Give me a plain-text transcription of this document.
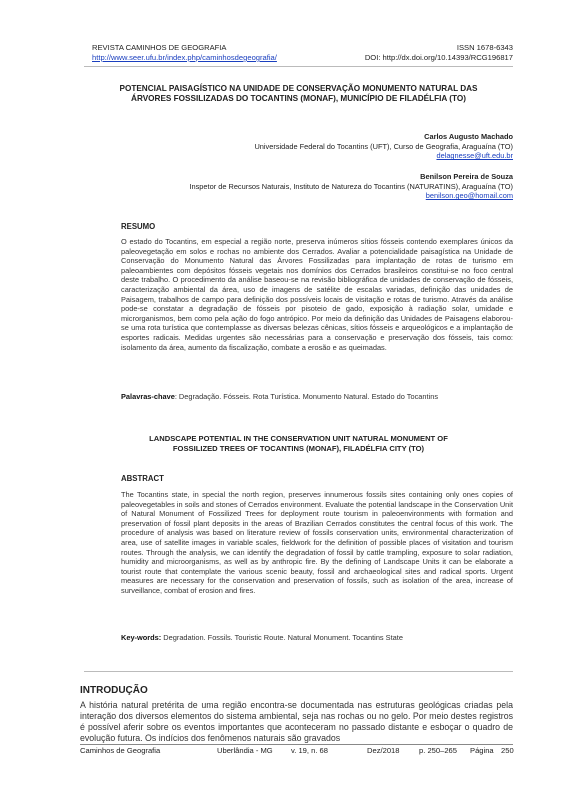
REVISTA CAMINHOS DE GEOGRAFIA	ISSN 1678-6343
http://www.seer.ufu.br/index.php/caminhosdegeografia/	DOI: http://dx.doi.org/10.14393/RCG196817
POTENCIAL PAISAGÍSTICO NA UNIDADE DE CONSERVAÇÃO MONUMENTO NATURAL DAS
ÁRVORES FOSSILIZADAS DO TOCANTINS (MONAF), MUNICÍPIO DE FILADÉLFIA (TO)
Carlos Augusto Machado
Universidade Federal do Tocantins (UFT), Curso de Geografia, Araguaína (TO)
delagnesse@uft.edu.br
Benilson Pereira de Souza
Inspetor de Recursos Naturais, Instituto de Natureza do Tocantins (NATURATINS), Araguaína (TO)
benilson.geo@homail.com
RESUMO
O estado do Tocantins, em especial a região norte, preserva inúmeros sítios fósseis contendo exemplares únicos da paleovegetação em solos e rochas no ambiente dos Cerrados. Avaliar a potencialidade paisagística na Unidade de Conservação do Monumento Natural das Árvores Fossilizadas para implantação de rotas de turismo em paleoambientes com depósitos fósseis vegetais nos domínios dos Cerrados brasileiros constitui-se no foco central deste trabalho. O procedimento da análise baseou-se na revisão bibliográfica de unidades de conservação de fósseis, caracterização ambiental da área, uso de imagens de satélite de escalas variadas, definição das unidades de Paisagem, trabalhos de campo para definição dos possíveis locais de visitação e rotas de turismo. Através da análise pode-se constatar a degradação de fósseis por pisoteio de gado, exposição à radiação solar, umidade e microrganismos, bem como pela ação do fogo antrópico. Por meio da definição das Unidades de Paisagens elaborou-se uma rota turística que contemplasse as diversas belezas cênicas, sítios fósseis e arqueológicos e a implantação de esportes radicais. Medidas urgentes são necessárias para a conservação e preservação dos fósseis, tais como: isolamento da área, aumento da fiscalização, combate a erosão e as queimadas.
Palavras-chave: Degradação. Fósseis. Rota Turística. Monumento Natural. Estado do Tocantins
LANDSCAPE POTENTIAL IN THE CONSERVATION UNIT NATURAL MONUMENT OF
FOSSILIZED TREES OF TOCANTINS (MONAF), FILADÉLFIA CITY (TO)
ABSTRACT
The Tocantins state, in special the north region, preserves innumerous fossils sites containing only ones copies of paleovegetables in soils and stones of Cerrados environment. Evaluate the potential landscape in the Conservation Unit of Natural Monument of Fossilized Trees for deployment route tourism in paleoenvironments with formation and preservation of fossil plant deposits in the areas of Brazilian Cerrados constitutes the central focus of this work. The procedure of analysis was based on literature review of fossils conservation units, environmental characterization of area, use of satellite images in variable scales, fieldwork for the definition of possible places of visitation and tourism routes. Through the analysis, we can identify the degradation of fossil by cattle trampling, exposure to solar radiation, humidity and microorganisms, as well as by anthropic fire. By the defining of Landscape Units it can be elaborate a tourist route that contemplate the various scenic beauty, fossil and archaeological sites and radical sports. Urgent measures are necessary for the conservation and preservation of fossils, such as isolation of the area, increase of surveillance, combat of erosion and fires.
Key-words: Degradation. Fossils. Touristic Route. Natural Monument. Tocantins State
INTRODUÇÃO
A história natural pretérita de uma região encontra-se documentada nas estruturas geológicas criadas pela interação dos diversos elementos do sistema ambiental, seja nas rochas ou no gelo. Por meio destes registros é possível aferir sobre os eventos importantes que aconteceram no passado distante e esboçar o quadro de evolução futura. Os indícios dos fenômenos naturais são gravados
Caminhos de Geografia	Uberlândia - MG v. 19, n. 68	Dez/2018	p. 250–265 Página 250
